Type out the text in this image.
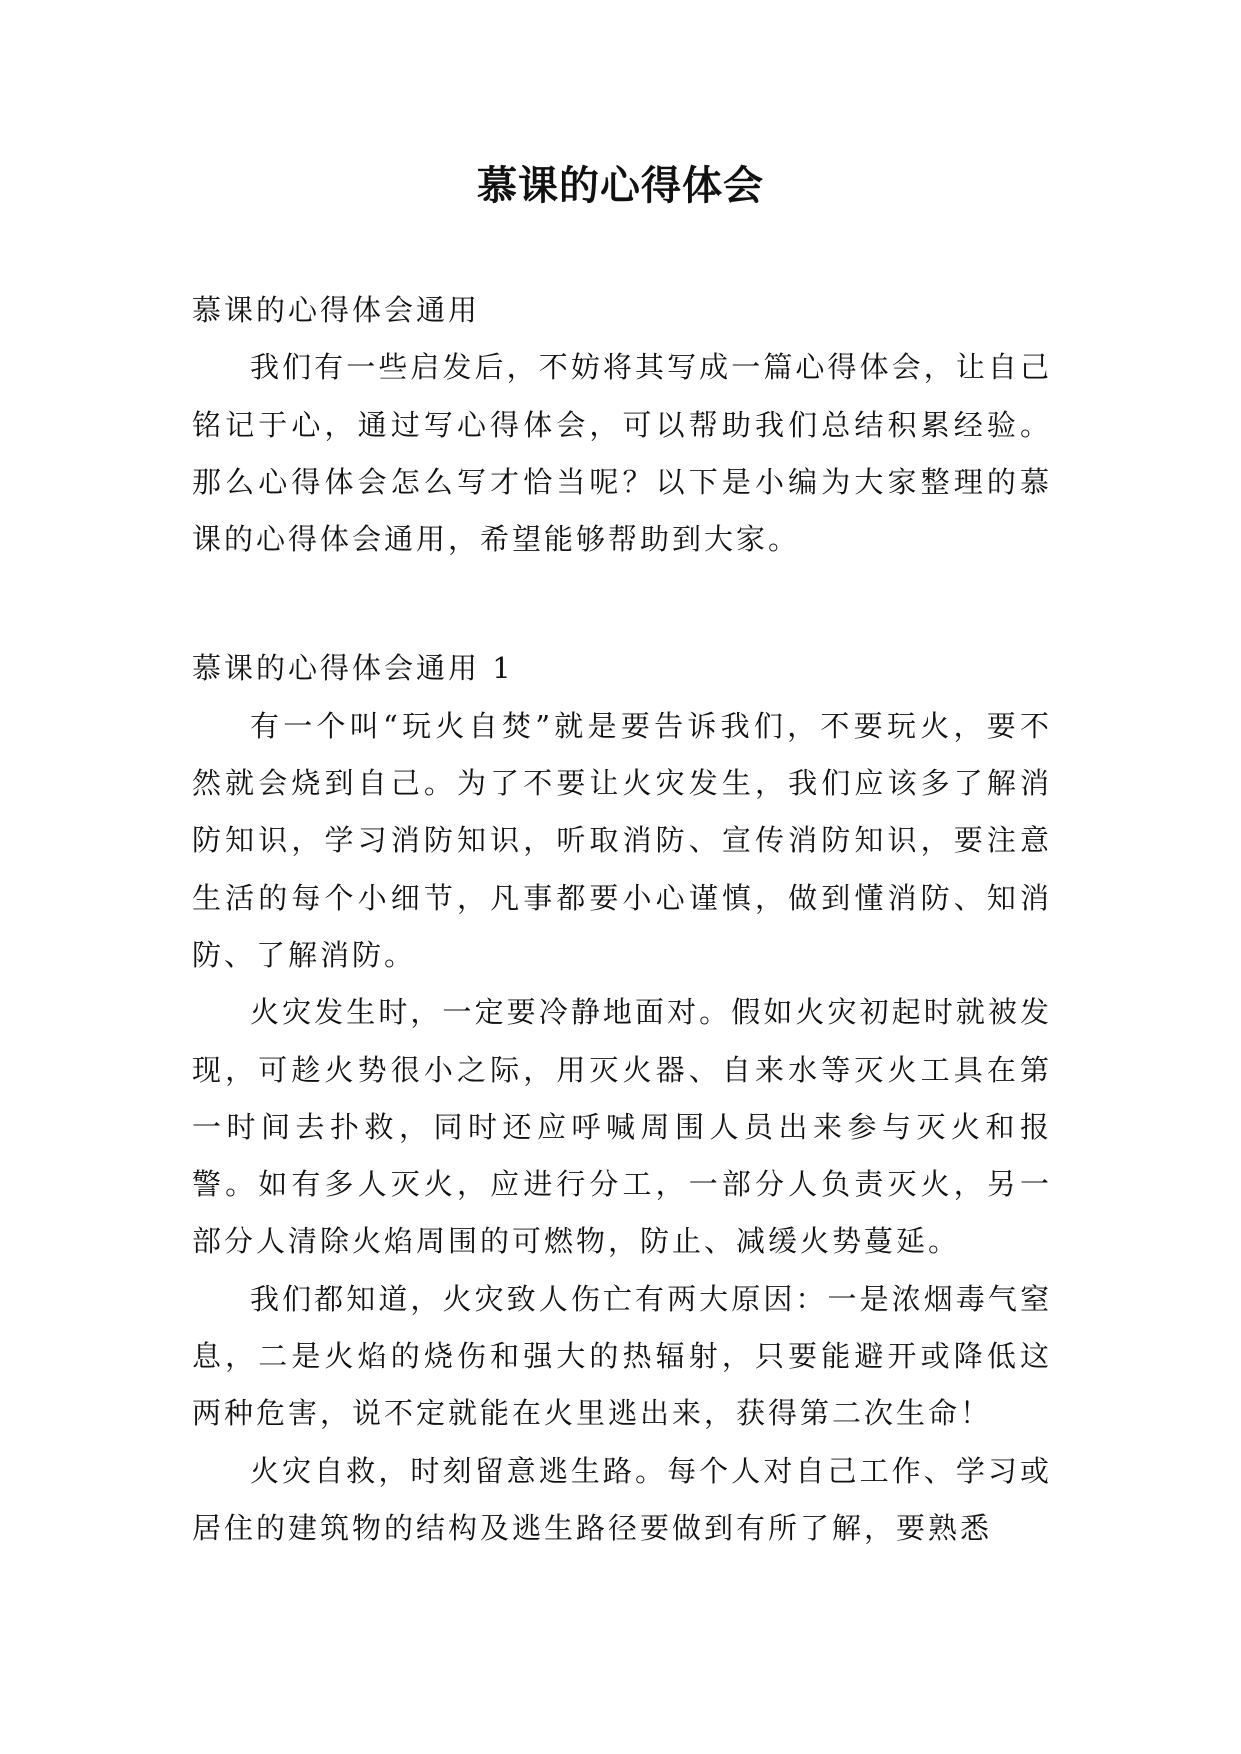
慕课的心得体会

慕课的心得体会通用

我们有一些启发后，不妨将其写成一篇心得体会，让自己铭记于心，通过写心得体会，可以帮助我们总结积累经验。那么心得体会怎么写才恰当呢？以下是小编为大家整理的慕课的心得体会通用，希望能够帮助到大家。

慕课的心得体会通用 1

有一个叫“玩火自焚”就是要告诉我们，不要玩火，要不然就会烧到自己。为了不要让火灾发生，我们应该多了解消防知识，学习消防知识，听取消防、宣传消防知识，要注意生活的每个小细节，凡事都要小心谨慎，做到懂消防、知消防、了解消防。

火灾发生时，一定要冷静地面对。假如火灾初起时就被发现，可趁火势很小之际，用灭火器、自来水等灭火工具在第一时间去扑救，同时还应呼喊周围人员出来参与灭火和报警。如有多人灭火，应进行分工，一部分人负责灭火，另一部分人清除火焰周围的可燃物，防止、减缓火势蔓延。

我们都知道，火灾致人伤亡有两大原因：一是浓烟毒气窒息，二是火焰的烧伤和强大的热辐射，只要能避开或降低这两种危害，说不定就能在火里逃出来，获得第二次生命！

火灾自救，时刻留意逃生路。每个人对自己工作、学习或居住的建筑物的结构及逃生路径要做到有所了解，要熟悉
